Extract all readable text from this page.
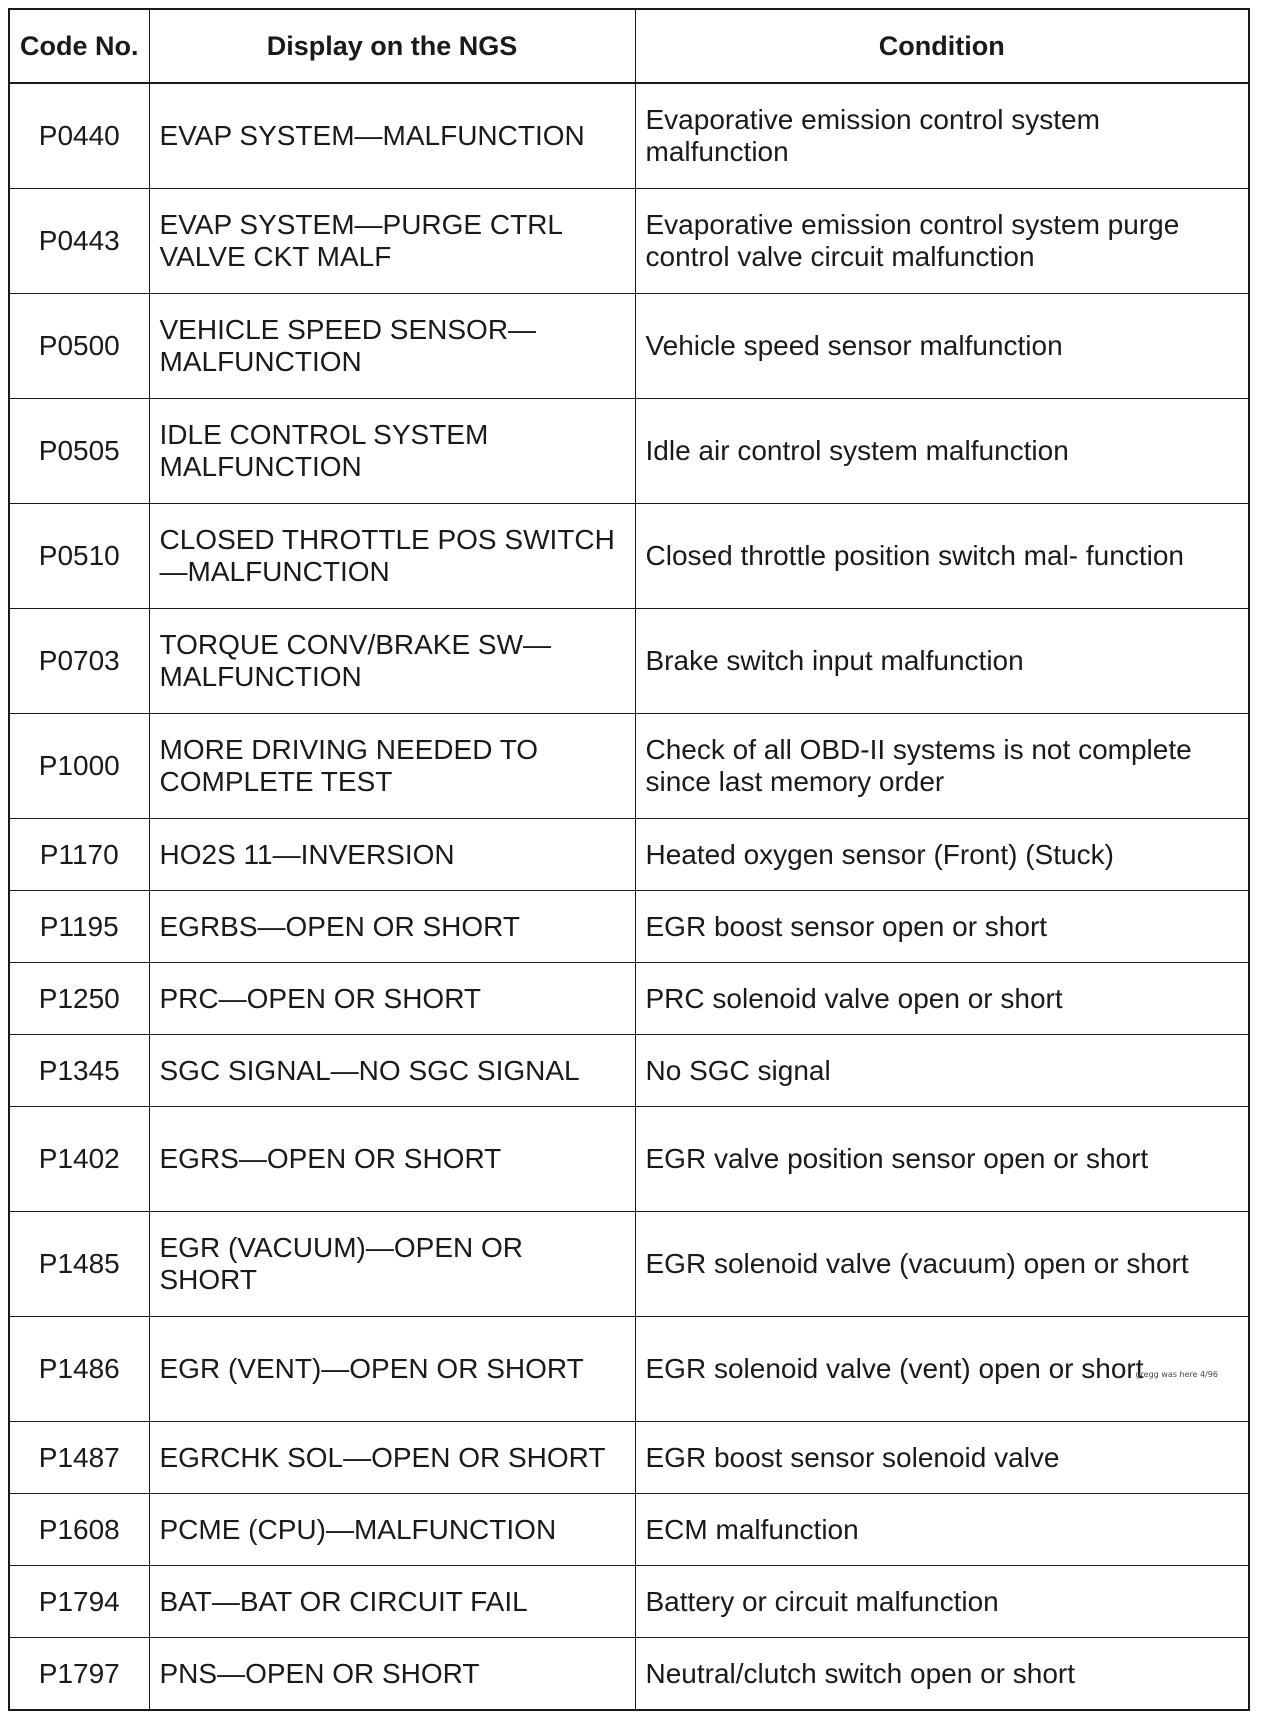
Code No.	Display on the NGS	Condition
P0440	EVAP SYSTEM—MALFUNCTION	Evaporative emission control system malfunction
P0443	EVAP SYSTEM—PURGE CTRL VALVE CKT MALF	Evaporative emission control system purge control valve circuit malfunction
P0500	VEHICLE SPEED SENSOR— MALFUNCTION	Vehicle speed sensor malfunction
P0505	IDLE CONTROL SYSTEM MALFUNCTION	Idle air control system malfunction
P0510	CLOSED THROTTLE POS SWITCH —MALFUNCTION	Closed throttle position switch mal- function
P0703	TORQUE CONV/BRAKE SW— MALFUNCTION	Brake switch input malfunction
P1000	MORE DRIVING NEEDED TO COMPLETE TEST	Check of all OBD-II systems is not complete since last memory order
P1170	HO2S 11—INVERSION	Heated oxygen sensor (Front) (Stuck)
P1195	EGRBS—OPEN OR SHORT	EGR boost sensor open or short
P1250	PRC—OPEN OR SHORT	PRC solenoid valve open or short
P1345	SGC SIGNAL—NO SGC SIGNAL	No SGC signal
P1402	EGRS—OPEN OR SHORT	EGR valve position sensor open or short
P1485	EGR (VACUUM)—OPEN OR SHORT	EGR solenoid valve (vacuum) open or short
P1486	EGR (VENT)—OPEN OR SHORT	EGR solenoid valve (vent) open or short
gregg was here 4/96

P1487	EGRCHK SOL—OPEN OR SHORT	EGR boost sensor solenoid valve
P1608	PCME (CPU)—MALFUNCTION	ECM malfunction
P1794	BAT—BAT OR CIRCUIT FAIL	Battery or circuit malfunction
P1797	PNS—OPEN OR SHORT	Neutral/clutch switch open or short
